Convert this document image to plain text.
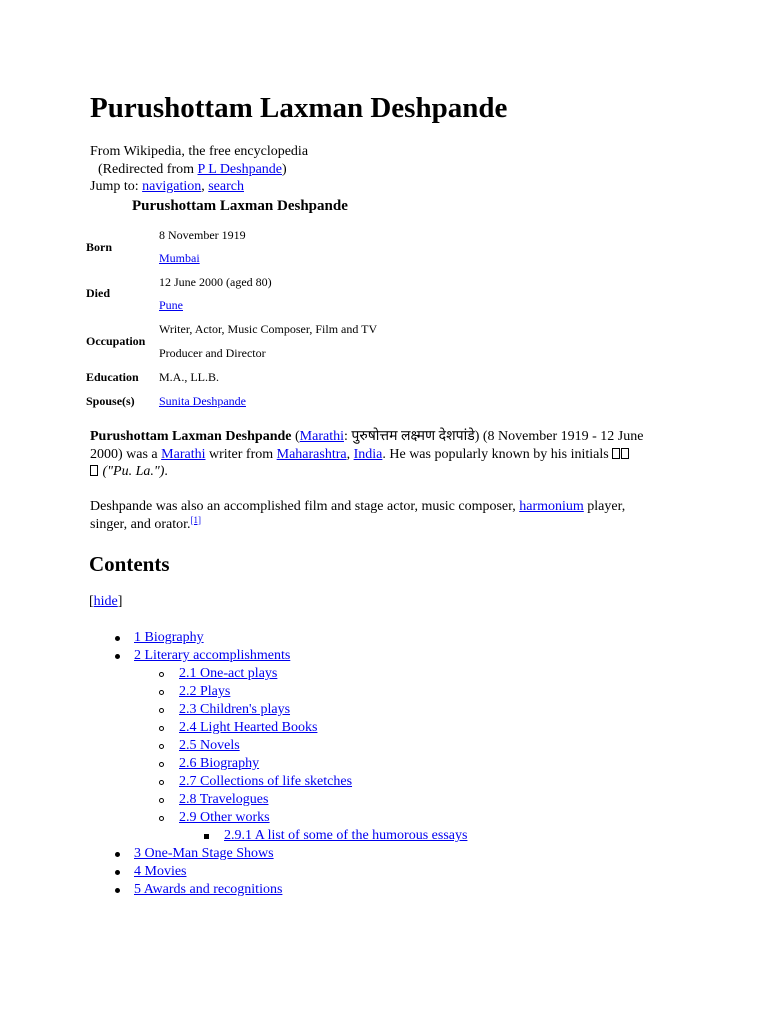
Purushottam Laxman Deshpande
From Wikipedia, the free encyclopedia
(Redirected from P L Deshpande)
Jump to: navigation, search
Purushottam Laxman Deshpande
Born
8 November 1919
Mumbai
Died
12 June 2000 (aged 80)
Pune
Occupation
Writer, Actor, Music Composer, Film and TV
Producer and Director
Education M.A., LL.B.
Spouse(s) Sunita Deshpande
Purushottam Laxman Deshpande (Marathi: पुरुषोत्तम लक्ष्मण देशपांडे) (8 November 1919 - 12 June
2000) was a Marathi writer from Maharashtra, India. He was popularly known by his initials
("Pu. La.").
Deshpande was also an accomplished film and stage actor, music composer, harmonium player,
singer, and orator.[1]
Contents
[hide]
1 Biography
2 Literary accomplishments
2.1 One-act plays
2.2 Plays
2.3 Children's plays
2.4 Light Hearted Books
2.5 Novels
2.6 Biography
2.7 Collections of life sketches
2.8 Travelogues
2.9 Other works
2.9.1 A list of some of the humorous essays
3 One-Man Stage Shows
4 Movies
5 Awards and recognitions
